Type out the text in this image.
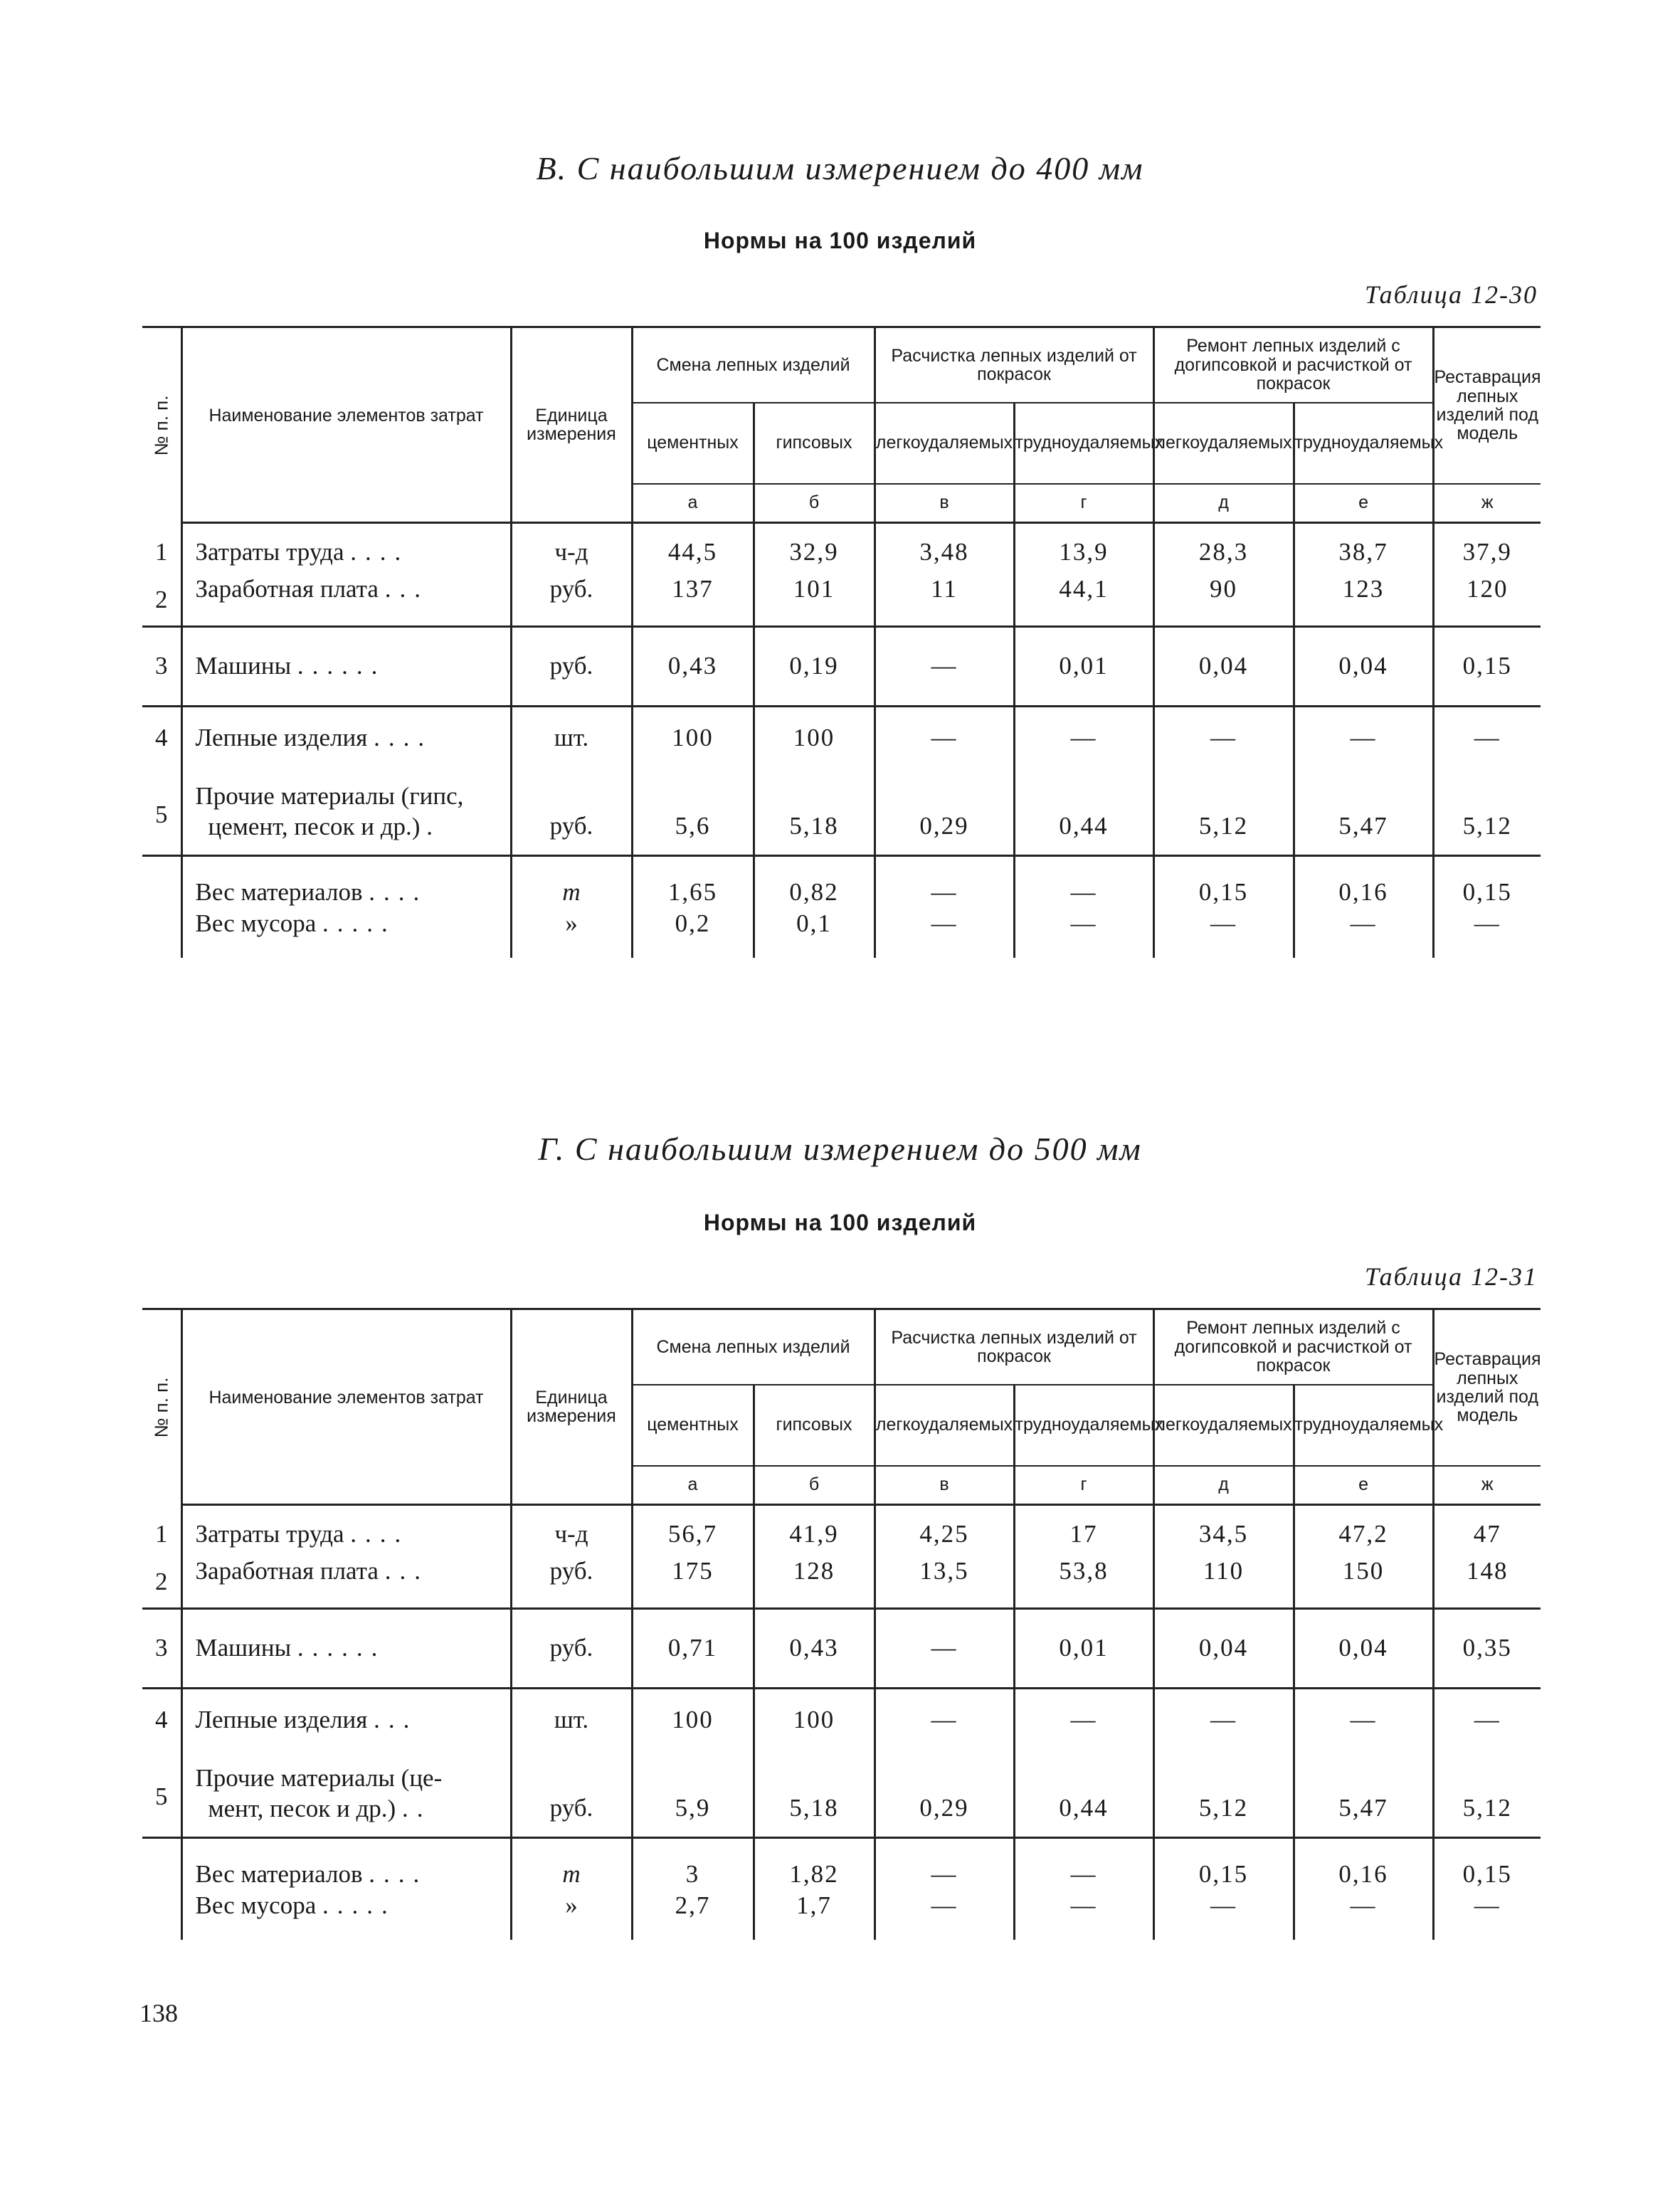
В. С наибольшим измерением до 400 мм
Нормы на 100 изделий
Таблица 12-30
№ п. п.	Наименование элементов затрат	Единица измерения	Смена лепных изделий		Расчистка лепных изделий от покрасок		Ремонт лепных изделий с догипсовкой и расчисткой от покрасок		Реставрация лепных изделий под модель
			цементных	гипсовых	легкоудаляемых	трудноудаляемых	легкоудаляемых	трудноудаляемых	
			а	б	в	г	д	е	ж
1	Затраты труда ....	ч-д	44,5	32,9	3,48	13,9	28,3	38,7	37,9
2	Заработная плата ...	руб.	137	101	11	44,1	90	123	120
3	Машины ......	руб.	0,43	0,19	—	0,01	0,04	0,04	0,15
4	Лепные изделия ....	шт.	100	100	—	—	—	—	—
5	Прочие материалы (гипс,
цемент, песок и др.) .	руб.	5,6	5,18	0,29	0,44	5,12	5,47	5,12
	Вес материалов ....	т	1,65	0,82	—	—	0,15	0,16	0,15
	Вес мусора .....	»	0,2	0,1	—	—	—	—	—
Г. С наибольшим измерением до 500 мм
Нормы на 100 изделий
Таблица 12-31
№ п. п.	Наименование элементов затрат	Единица измерения	Смена лепных изделий		Расчистка лепных изделий от покрасок		Ремонт лепных изделий с догипсовкой и расчисткой от покрасок		Реставрация лепных изделий под модель
			цементных	гипсовых	легкоудаляемых	трудноудаляемых	легкоудаляемых	трудноудаляемых	
			а	б	в	г	д	е	ж
1	Затраты труда ....	ч-д	56,7	41,9	4,25	17	34,5	47,2	47
2	Заработная плата ...	руб.	175	128	13,5	53,8	110	150	148
3	Машины ......	руб.	0,71	0,43	—	0,01	0,04	0,04	0,35
4	Лепные изделия ...	шт.	100	100	—	—	—	—	—
5	Прочие материалы (це-
мент, песок и др.) ..	руб.	5,9	5,18	0,29	0,44	5,12	5,47	5,12
	Вес материалов ....	т	3	1,82	—	—	0,15	0,16	0,15
	Вес мусора .....	»	2,7	1,7	—	—	—	—	—
138
